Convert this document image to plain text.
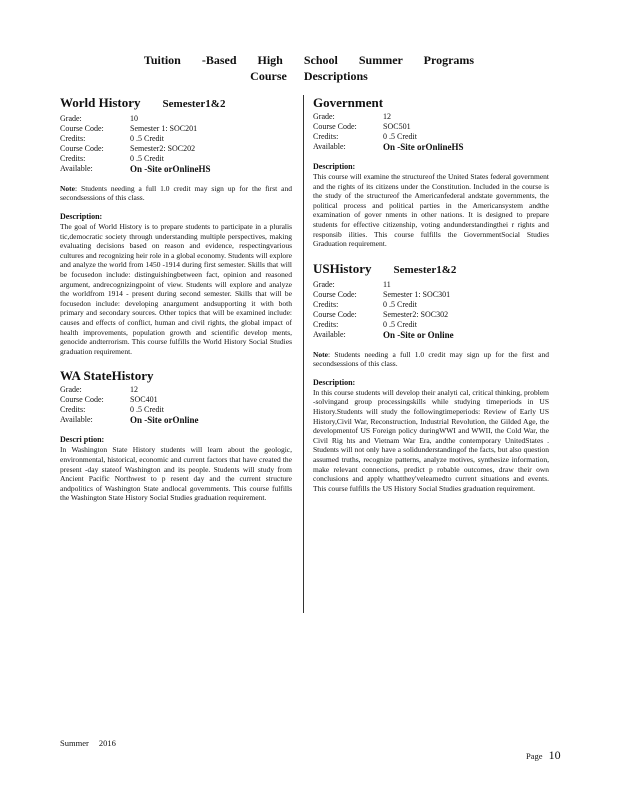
Tuition -Based High School Summer Programs
Course Descriptions
World History Semester1&2
Grade:	10
Course Code:	Semester 1: SOC201
Credits:	0 .5 Credit
Course Code:	Semester2: SOC202
Credits:	0 .5 Credit
Available:	On -Site orOnlineHS

Note: Students needing a full 1.0 credit may sign up for the first and secondsessions of this class.

Description:

The goal of World History is to prepare students to participate in a pluralis tic,democratic society through understanding multiple perspectives, making evaluating decisions based on reason and evidence, respectingvarious cultures and recognizing heir role in a global economy. Students will explore and analyze the world from 1450 -1914 during first semester. Skills that will be focusedon include: distinguishingbetween fact, opinion and reasoned argument, andrecognizingpoint of view. Students will explore and analyze the worldfrom 1914 - present during second semester. Skills that will be focusedon include: developing anargument andsupporting it with both primary and secondary sources. Other topics that will be examined include: causes and effects of conflict, human and civil rights, the global impact of health improvements, population growth and scientific develop ments, genocide andterrorism. This course fulfills the World History Social Studies graduation requirement.

WA StateHistory
Grade:	12
Course Code:	SOC401
Credits:	0 .5 Credit
Available:	On -Site orOnline
Descri ption:

In Washington State History students will learn about the geologic, environmental, historical, economic and current factors that have created the present -day stateof Washington and its people. Students will study from Ancient Pacific Northwest to p resent day and the current structure andpolitics of Washington State andlocal governments. This course fulfills the Washington State History Social Studies graduation requirement.

Government
Grade:	12
Course Code:	SOC501
Credits:	0 .5 Credit
Available:	On -Site orOnlineHS
Description:

This course will examine the structureof the United States federal government and the rights of its citizens under the Constitution. Included in the course is the study of the structureof the Americanfederal andstate governments, the political process and political parties in the Americansystem andthe examination of gover nments in other nations. It is designed to prepare students for effective citizenship, voting andunderstandingthei r rights and responsib ilities. This course fulfills the GovernmentSocial Studies Graduation requirement.

USHistory Semester1&2
Grade:	11
Course Code:	Semester 1: SOC301
Credits:	0 .5 Credit
Course Code:	Semester2: SOC302
Credits:	0 .5 Credit
Available:	On -Site or Online

Note: Students needing a full 1.0 credit may sign up for the first and secondsessions of this class.

Description:

In this course students will develop their analyti cal, critical thinking, problem -solvingand group processingskills while studying timeperiods in US History.Students will study the followingtimeperiods: Review of Early US History,Civil War, Reconstruction, Industrial Revolution, the Gilded Age, the developmentof US Foreign policy duringWWI and WWII, the Cold War, the Civil Rig hts and Vietnam War Era, andthe contemporary UnitedStates . Students will not only have a solidunderstandingof the facts, but also question assumed truths, recognize patterns, analyze motives, synthesize information, make relevant connections, predict p robable outcomes, draw their own conclusions and apply whatthey'velearnedto current situations and events. This course fulfills the US History Social Studies graduation requirement.

Summer 2016
Page 10
